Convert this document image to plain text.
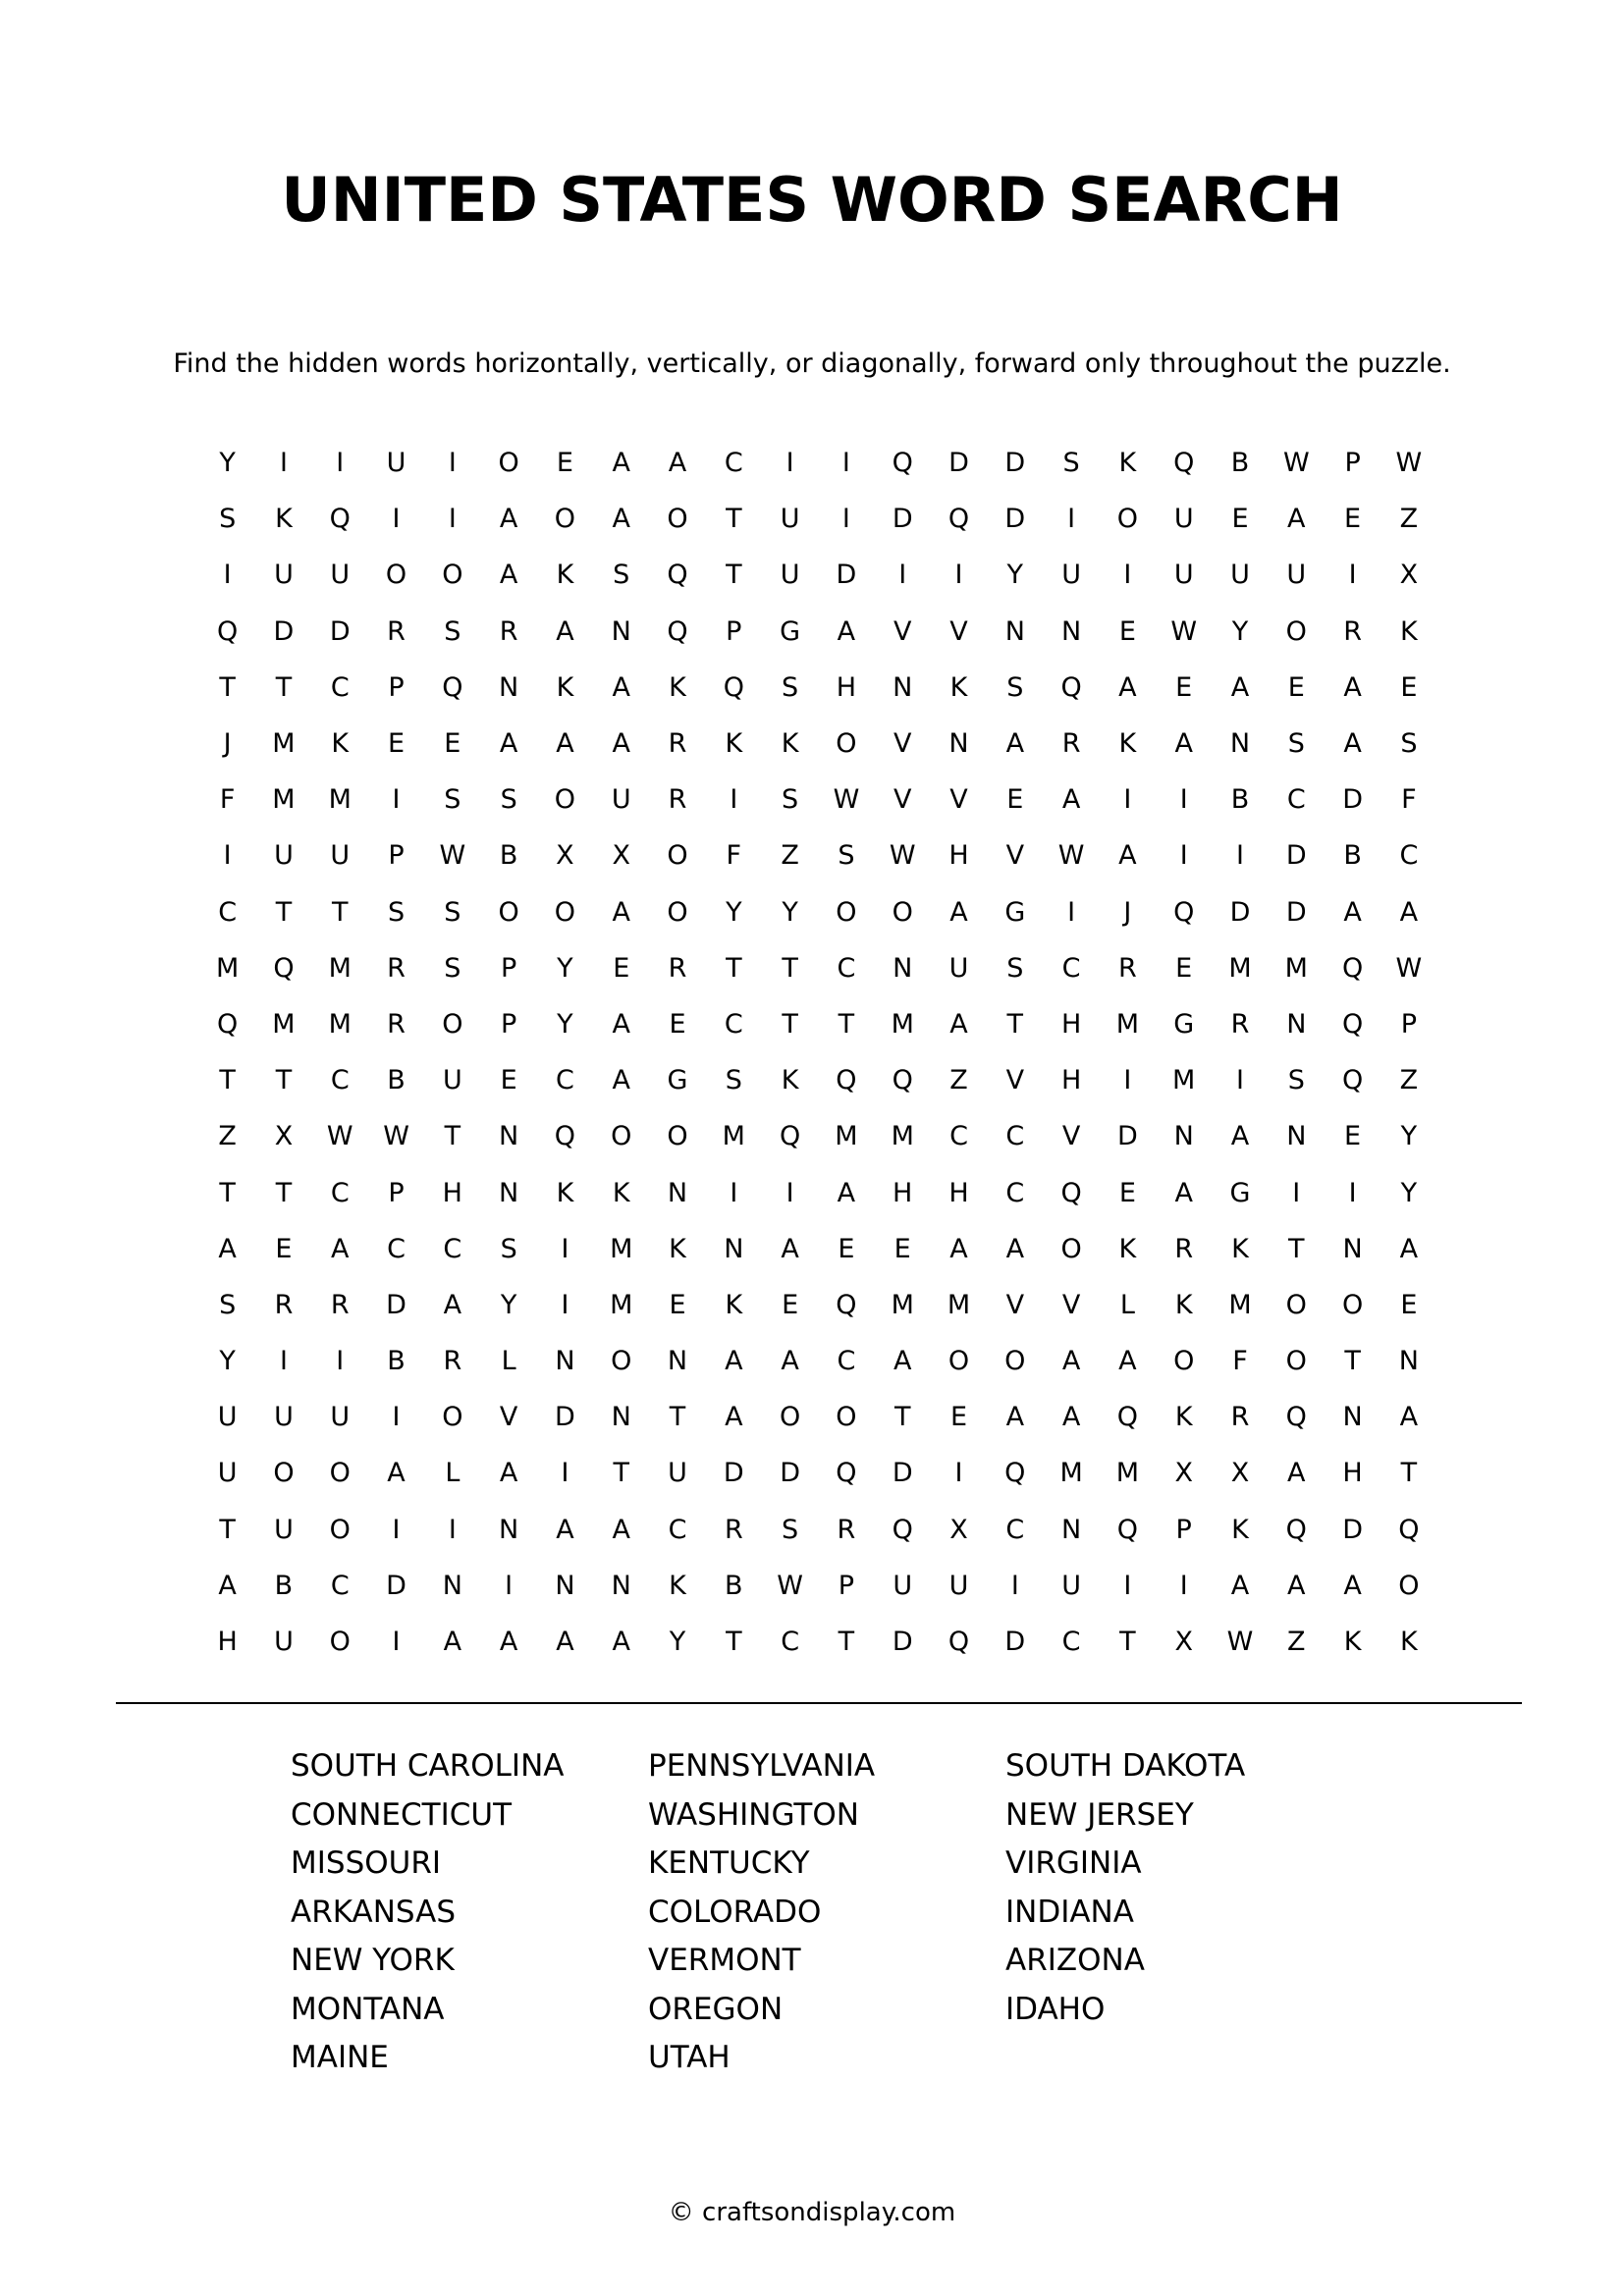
UNITED STATES WORD SEARCH

Find the hidden words horizontally, vertically, or diagonally, forward only throughout the puzzle.

Y	I	I	U	I	O	E	A	A	C	I	I	Q	D	D	S	K	Q	B	W	P	W
S	K	Q	I	I	A	O	A	O	T	U	I	D	Q	D	I	O	U	E	A	E	Z
I	U	U	O	O	A	K	S	Q	T	U	D	I	I	Y	U	I	U	U	U	I	X
Q	D	D	R	S	R	A	N	Q	P	G	A	V	V	N	N	E	W	Y	O	R	K
T	T	C	P	Q	N	K	A	K	Q	S	H	N	K	S	Q	A	E	A	E	A	E
J	M	K	E	E	A	A	A	R	K	K	O	V	N	A	R	K	A	N	S	A	S
F	M	M	I	S	S	O	U	R	I	S	W	V	V	E	A	I	I	B	C	D	F
I	U	U	P	W	B	X	X	O	F	Z	S	W	H	V	W	A	I	I	D	B	C
C	T	T	S	S	O	O	A	O	Y	Y	O	O	A	G	I	J	Q	D	D	A	A
M	Q	M	R	S	P	Y	E	R	T	T	C	N	U	S	C	R	E	M	M	Q	W
Q	M	M	R	O	P	Y	A	E	C	T	T	M	A	T	H	M	G	R	N	Q	P
T	T	C	B	U	E	C	A	G	S	K	Q	Q	Z	V	H	I	M	I	S	Q	Z
Z	X	W	W	T	N	Q	O	O	M	Q	M	M	C	C	V	D	N	A	N	E	Y
T	T	C	P	H	N	K	K	N	I	I	A	H	H	C	Q	E	A	G	I	I	Y
A	E	A	C	C	S	I	M	K	N	A	E	E	A	A	O	K	R	K	T	N	A
S	R	R	D	A	Y	I	M	E	K	E	Q	M	M	V	V	L	K	M	O	O	E
Y	I	I	B	R	L	N	O	N	A	A	C	A	O	O	A	A	O	F	O	T	N
U	U	U	I	O	V	D	N	T	A	O	O	T	E	A	A	Q	K	R	Q	N	A
U	O	O	A	L	A	I	T	U	D	D	Q	D	I	Q	M	M	X	X	A	H	T
T	U	O	I	I	N	A	A	C	R	S	R	Q	X	C	N	Q	P	K	Q	D	Q
A	B	C	D	N	I	N	N	K	B	W	P	U	U	I	U	I	I	A	A	A	O
H	U	O	I	A	A	A	A	Y	T	C	T	D	Q	D	C	T	X	W	Z	K	K
SOUTH CAROLINA
CONNECTICUT
MISSOURI
ARKANSAS
NEW YORK
MONTANA
MAINE
PENNSYLVANIA
WASHINGTON
KENTUCKY
COLORADO
VERMONT
OREGON
UTAH
SOUTH DAKOTA
NEW JERSEY
VIRGINIA
INDIANA
ARIZONA
IDAHO

© craftsondisplay.com
